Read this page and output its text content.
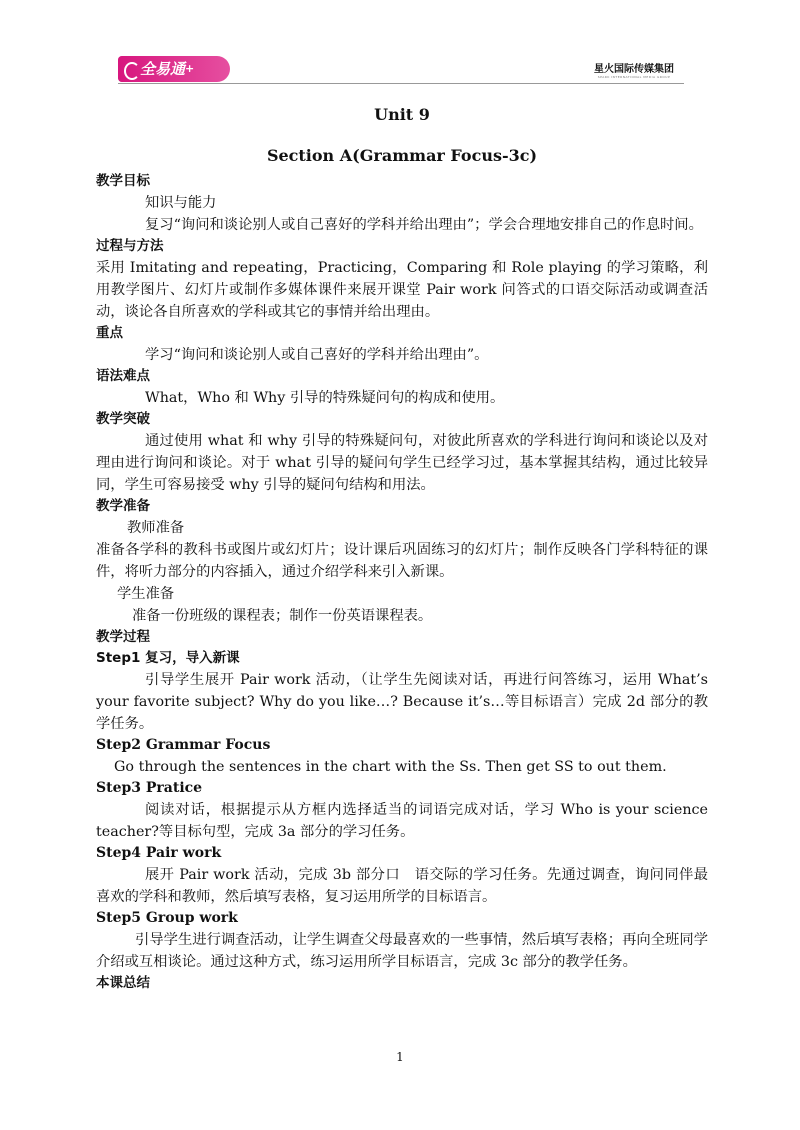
全易通+	星火国际传媒集团
SPARK INTERNATIONAL MEDIA GROUP
Unit 9
Section A(Grammar Focus-3c)
教学目标
知识与能力
复习“询问和谈论别人或自己喜好的学科并给出理由”；学会合理地安排自己的作息时间。
过程与方法
采用 Imitating and repeating，Practicing，Comparing 和 Role playing 的学习策略，利用教学图片、幻灯片或制作多媒体课件来展开课堂 Pair work 问答式的口语交际活动或调查活动，谈论各自所喜欢的学科或其它的事情并给出理由。
重点
学习“询问和谈论别人或自己喜好的学科并给出理由”。
语法难点
What，Who 和 Why 引导的特殊疑问句的构成和使用。
教学突破
通过使用 what 和 why 引导的特殊疑问句，对彼此所喜欢的学科进行询问和谈论以及对理由进行询问和谈论。对于 what 引导的疑问句学生已经学习过，基本掌握其结构，通过比较异同，学生可容易接受 why 引导的疑问句结构和用法。
教学准备
教师准备
准备各学科的教科书或图片或幻灯片；设计课后巩固练习的幻灯片；制作反映各门学科特征的课件，将听力部分的内容插入，通过介绍学科来引入新课。
学生准备
准备一份班级的课程表；制作一份英语课程表。
教学过程
Step1 复习，导入新课
引导学生展开 Pair work 活动，（让学生先阅读对话，再进行问答练习，运用 What’s your favorite subject? Why do you like…? Because it’s…等目标语言）完成 2d 部分的教学任务。
Step2 Grammar Focus
Go through the sentences in the chart with the Ss. Then get SS to out them.
Step3 Pratice
阅读对话，根据提示从方框内选择适当的词语完成对话，学习 Who is your science teacher?等目标句型，完成 3a 部分的学习任务。
Step4 Pair work
展开 Pair work 活动，完成 3b 部分口　语交际的学习任务。先通过调查，询问同伴最喜欢的学科和教师，然后填写表格，复习运用所学的目标语言。
Step5 Group work
引导学生进行调查活动，让学生调查父母最喜欢的一些事情，然后填写表格；再向全班同学介绍或互相谈论。通过这种方式，练习运用所学目标语言，完成 3c 部分的教学任务。
本课总结
1
